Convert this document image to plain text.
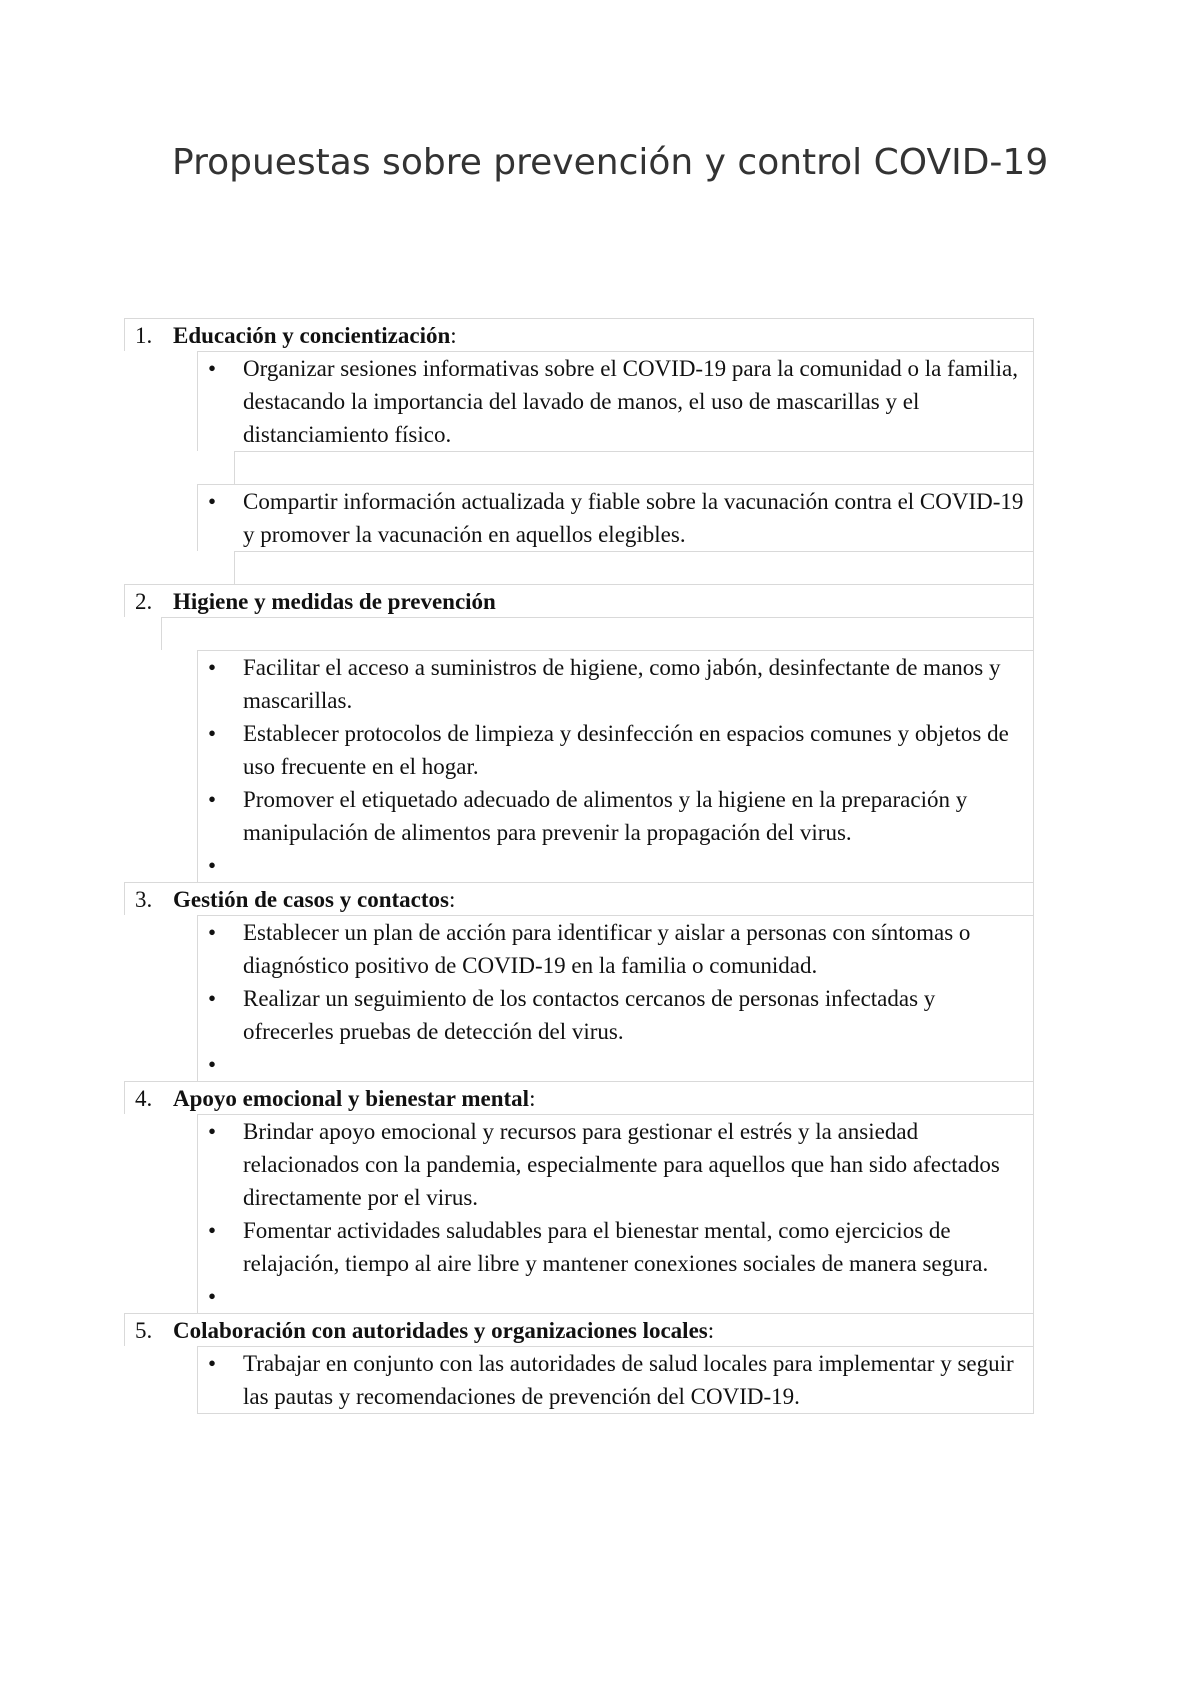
Propuestas sobre prevención y control COVID-19
1. Educación y concientización:
• Organizar sesiones informativas sobre el COVID-19 para la comunidad o la familia, destacando la importancia del lavado de manos, el uso de mascarillas y el distanciamiento físico.
• Compartir información actualizada y fiable sobre la vacunación contra el COVID-19 y promover la vacunación en aquellos elegibles.
2. Higiene y medidas de prevención
• Facilitar el acceso a suministros de higiene, como jabón, desinfectante de manos y mascarillas.
• Establecer protocolos de limpieza y desinfección en espacios comunes y objetos de uso frecuente en el hogar.
• Promover el etiquetado adecuado de alimentos y la higiene en la preparación y manipulación de alimentos para prevenir la propagación del virus.
•
3. Gestión de casos y contactos:
• Establecer un plan de acción para identificar y aislar a personas con síntomas o diagnóstico positivo de COVID-19 en la familia o comunidad.
• Realizar un seguimiento de los contactos cercanos de personas infectadas y ofrecerles pruebas de detección del virus.
•
4. Apoyo emocional y bienestar mental:
• Brindar apoyo emocional y recursos para gestionar el estrés y la ansiedad relacionados con la pandemia, especialmente para aquellos que han sido afectados directamente por el virus.
• Fomentar actividades saludables para el bienestar mental, como ejercicios de relajación, tiempo al aire libre y mantener conexiones sociales de manera segura.
•
5. Colaboración con autoridades y organizaciones locales:
• Trabajar en conjunto con las autoridades de salud locales para implementar y seguir las pautas y recomendaciones de prevención del COVID-19.
